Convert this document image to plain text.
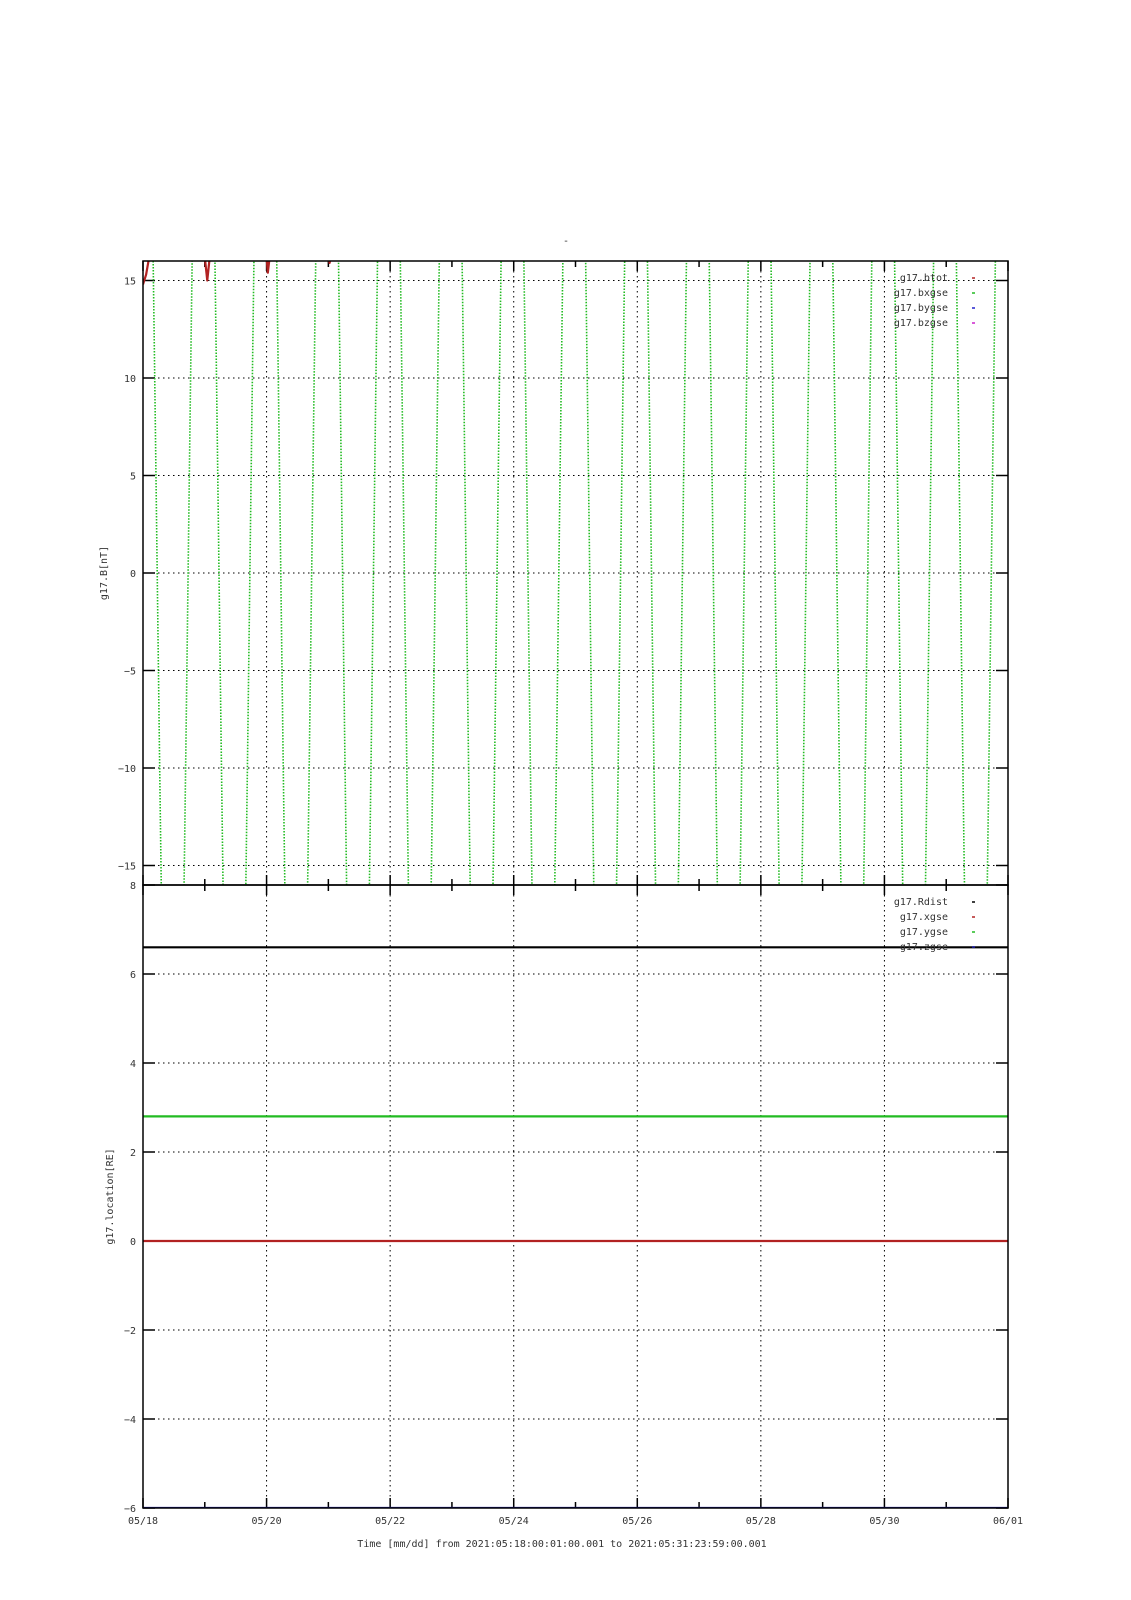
-
−15
−10
−5
0
5
10
15
g17.B[nT]
g17.btot
g17.bxgse
g17.bygse
g17.bzgse
−6
−4
−2
0
2
4
6
8
g17.location[RE]
g17.Rdist
g17.xgse
g17.ygse
g17.zgse
05/18	05/20	05/22	05/24	05/26	05/28	05/30	06/01
Time [mm/dd] from 2021:05:18:00:01:00.001 to 2021:05:31:23:59:00.001
